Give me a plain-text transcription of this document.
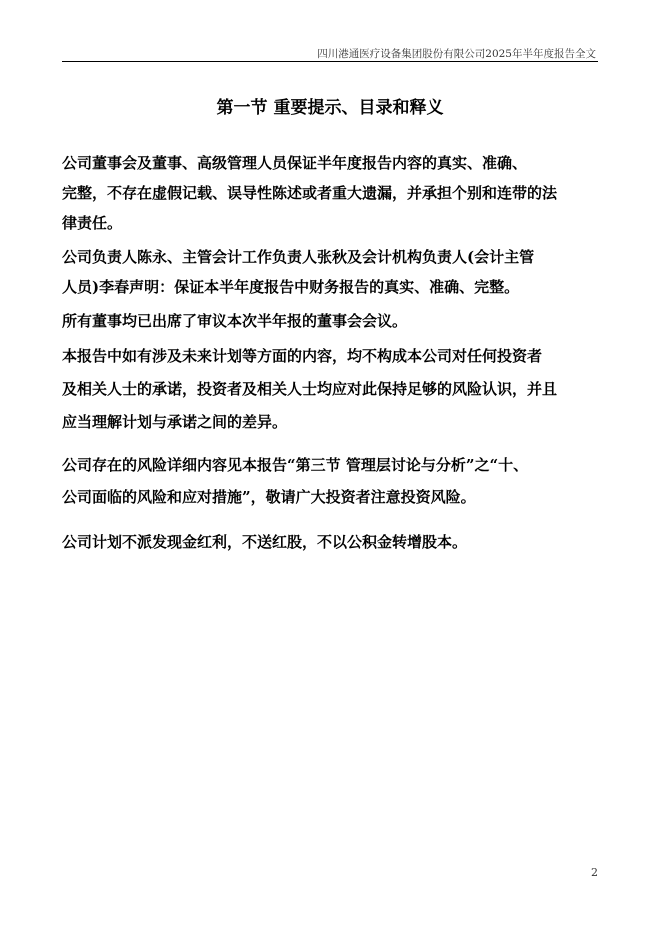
四川港通医疗设备集团股份有限公司2025年半年度报告全文
第一节 重要提示、目录和释义
公司董事会及董事、高级管理人员保证半年度报告内容的真实、准确、
完整，不存在虚假记载、误导性陈述或者重大遗漏，并承担个别和连带的法
律责任。
公司负责人陈永、主管会计工作负责人张秋及会计机构负责人(会计主管
人员)李春声明：保证本半年度报告中财务报告的真实、准确、完整。
所有董事均已出席了审议本次半年报的董事会会议。
本报告中如有涉及未来计划等方面的内容，均不构成本公司对任何投资者
及相关人士的承诺，投资者及相关人士均应对此保持足够的风险认识，并且
应当理解计划与承诺之间的差异。
公司存在的风险详细内容见本报告“第三节 管理层讨论与分析”之“十、
公司面临的风险和应对措施”，敬请广大投资者注意投资风险。
公司计划不派发现金红利，不送红股，不以公积金转增股本。
2
